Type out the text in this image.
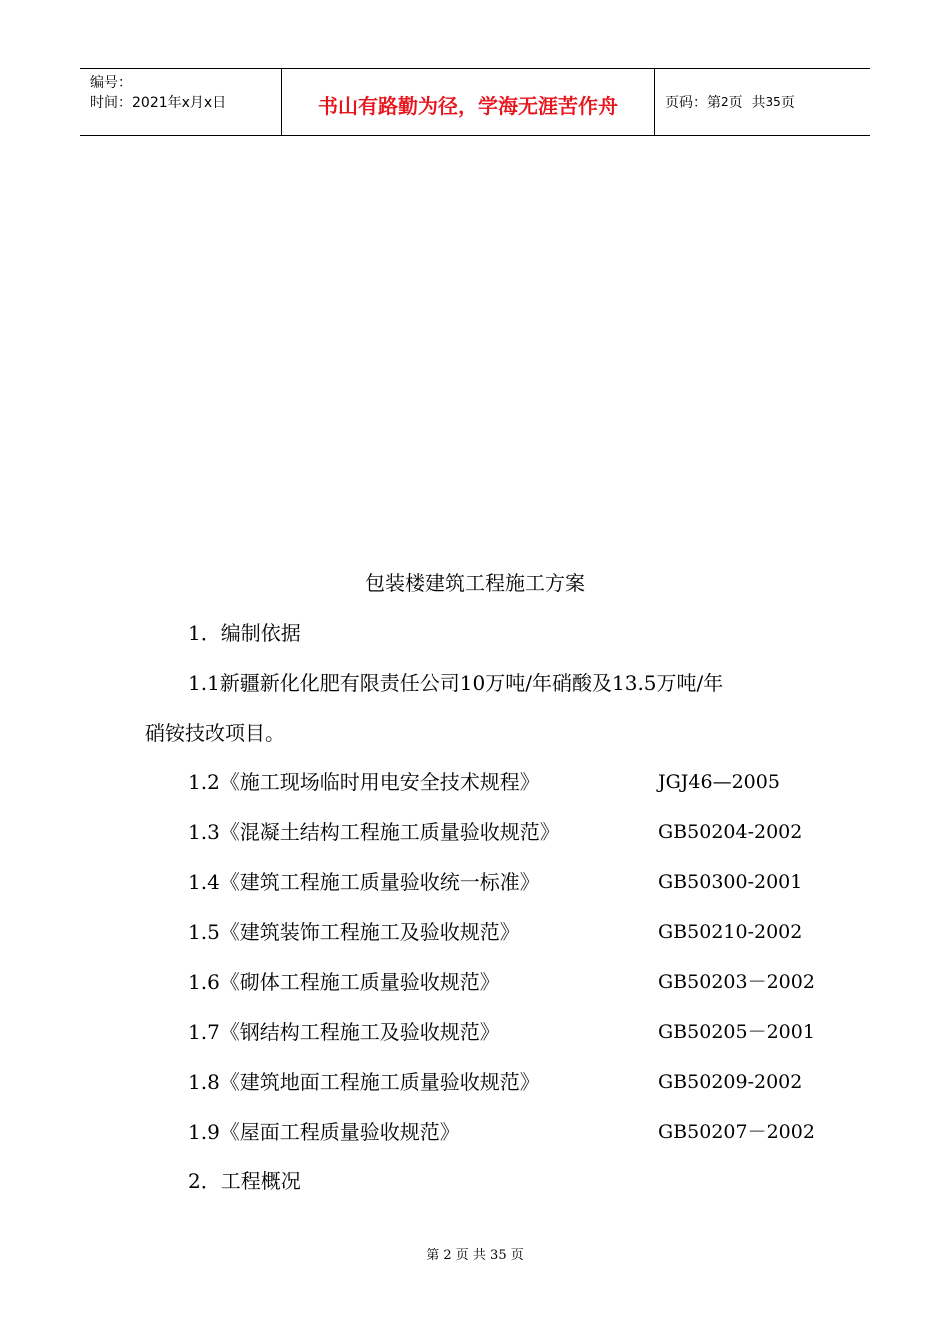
编号：
时间：2021年x月x日	书山有路勤为径，学海无涯苦作舟	页码：第 2 页  共 35 页
包装楼建筑工程施工方案
1．编制依据
1.1新疆新化化肥有限责任公司10万吨/年硝酸及13.5万吨/年
硝铵技改项目。
1.2《施工现场临时用电安全技术规程》	JGJ46—2005
1.3《混凝土结构工程施工质量验收规范》	GB50204-2002
1.4《建筑工程施工质量验收统一标准》	GB50300-2001
1.5《建筑装饰工程施工及验收规范》	GB50210-2002
1.6《砌体工程施工质量验收规范》	GB50203－2002
1.7《钢结构工程施工及验收规范》	GB50205－2001
1.8《建筑地面工程施工质量验收规范》	GB50209-2002
1.9《屋面工程质量验收规范》	GB50207－2002
2．工程概况
第 2 页 共 35 页
